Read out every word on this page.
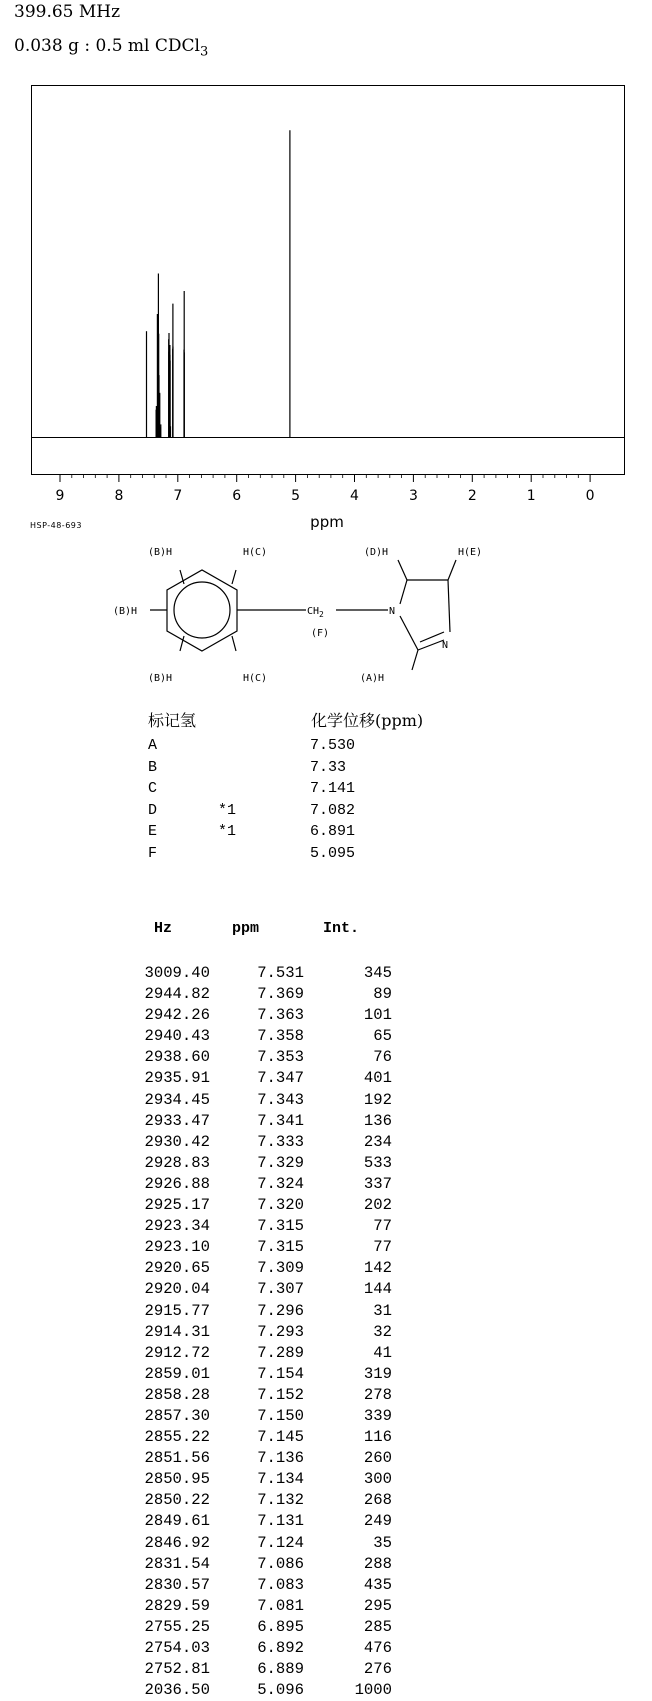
399.65 MHz
0.038 g : 0.5 ml CDCl$_3$
9	8	7	6	5	4	3	2	1	0
ppm
HSP-48-693
(B)H	H(C)
(B)H	$CH_2$
(F)
(B)H	H(C)
(D)H	H(E)
N
N
(A)H
标记氢	化学位移(ppm)
A	7.530
B	7.33
C	7.141
D	*1	7.082
E	*1	6.891
F	5.095
Hz	ppm	Int.
3009.40	7.531	345
2944.82	7.369	89
2942.26	7.363	101
2940.43	7.358	65
2938.60	7.353	76
2935.91	7.347	401
2934.45	7.343	192
2933.47	7.341	136
2930.42	7.333	234
2928.83	7.329	533
2926.88	7.324	337
2925.17	7.320	202
2923.34	7.315	77
2923.10	7.315	77
2920.65	7.309	142
2920.04	7.307	144
2915.77	7.296	31
2914.31	7.293	32
2912.72	7.289	41
2859.01	7.154	319
2858.28	7.152	278
2857.30	7.150	339
2855.22	7.145	116
2851.56	7.136	260
2850.95	7.134	300
2850.22	7.132	268
2849.61	7.131	249
2846.92	7.124	35
2831.54	7.086	288
2830.57	7.083	435
2829.59	7.081	295
2755.25	6.895	285
2754.03	6.892	476
2752.81	6.889	276
2036.50	5.096	1000
